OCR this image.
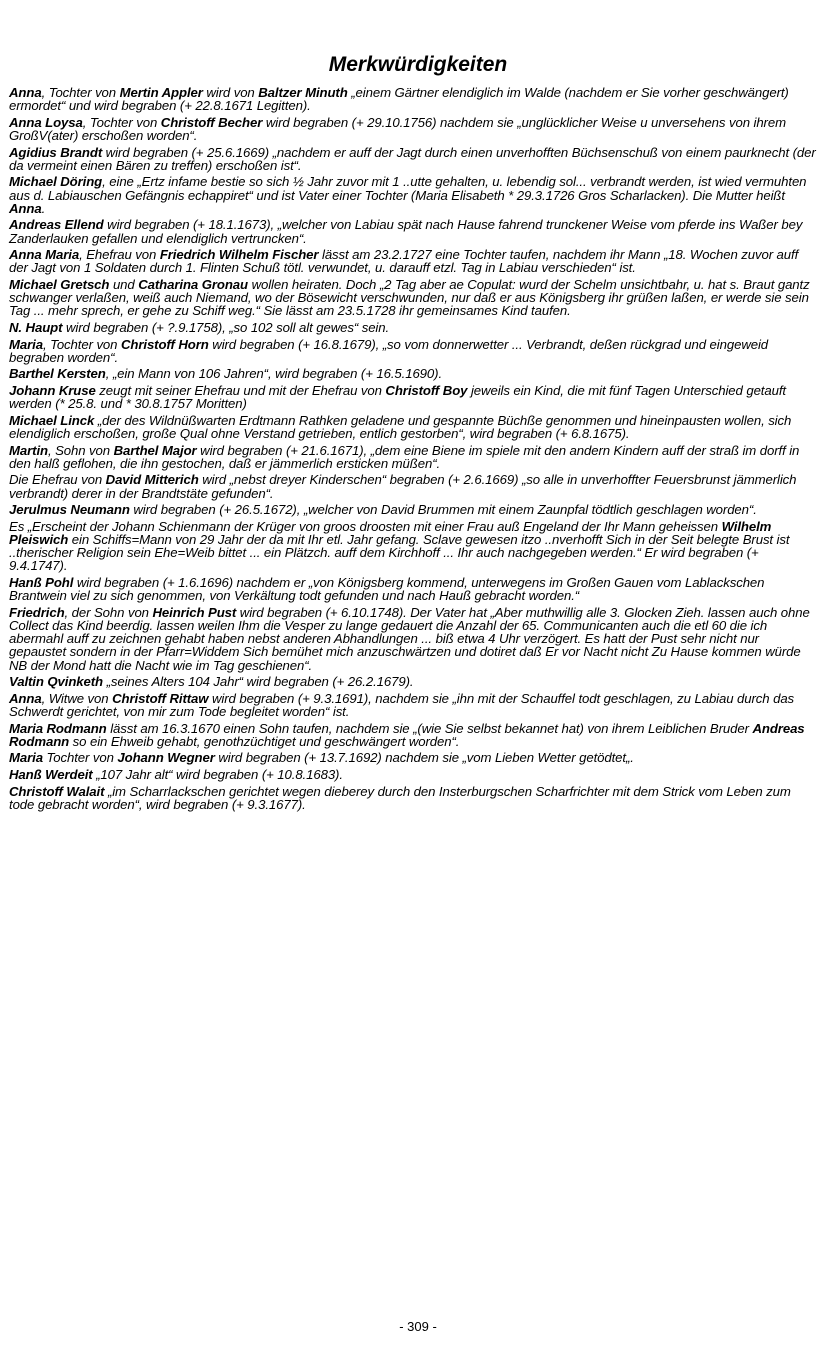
Merkwürdigkeiten

Anna, Tochter von Mertin Appler wird von Baltzer Minuth „einem Gärtner elendiglich im Walde (nachdem er Sie vorher geschwängert) ermordet“ und wird begraben (+ 22.8.1671 Legitten).

Anna Loysa, Tochter von Christoff Becher wird begraben (+ 29.10.1756) nachdem sie „unglücklicher Weise u unversehens von ihrem GroßV(ater) erschoßen worden“.

Agidius Brandt wird begraben (+ 25.6.1669) „nachdem er auff der Jagt durch einen unverhofften Büchsenschuß von einem paurknecht (der da vermeint einen Bären zu treffen) erschoßen ist“.

Michael Döring, eine „Ertz infame bestie so sich ½ Jahr zuvor mit 1 ..utte gehalten, u. lebendig sol... verbrandt werden, ist wied vermuhten aus d. Labiauschen Gefängnis echappiret“ und ist Vater einer Tochter (Maria Elisabeth * 29.3.1726 Gros Scharlacken). Die Mutter heißt Anna.

Andreas Ellend wird begraben (+ 18.1.1673), „welcher von Labiau spät nach Hause fahrend trunckener Weise vom pferde ins Waßer bey Zanderlauken gefallen und elendiglich vertruncken“.

Anna Maria, Ehefrau von Friedrich Wilhelm Fischer lässt am 23.2.1727 eine Tochter taufen, nachdem ihr Mann „18. Wochen zuvor auff der Jagt von 1 Soldaten durch 1. Flinten Schuß tötl. verwundet, u. darauff etzl. Tag in Labiau verschieden“ ist.

Michael Gretsch und Catharina Gronau wollen heiraten. Doch „2 Tag aber ae Copulat: wurd der Schelm unsichtbahr, u. hat s. Braut gantz schwanger verlaßen, weiß auch Niemand, wo der Bösewicht verschwunden, nur daß er aus Königsberg ihr grüßen laßen, er werde sie sein Tag ... mehr sprech, er gehe zu Schiff weg.“ Sie lässt am 23.5.1728 ihr gemeinsames Kind taufen.

N. Haupt wird begraben (+ ?.9.1758), „so 102 soll alt gewes“ sein.

Maria, Tochter von Christoff Horn wird begraben (+ 16.8.1679), „so vom donnerwetter ... Verbrandt, deßen rückgrad und eingeweid begraben worden“.

Barthel Kersten, „ein Mann von 106 Jahren“, wird begraben (+ 16.5.1690).

Johann Kruse zeugt mit seiner Ehefrau und mit der Ehefrau von Christoff Boy jeweils ein Kind, die mit fünf Tagen Unterschied getauft werden (* 25.8. und * 30.8.1757 Moritten)

Michael Linck „der des Wildnüßwarten Erdtmann Rathken geladene und gespannte Büchße genommen und hineinpausten wollen, sich elendiglich erschoßen, große Qual ohne Verstand getrieben, entlich gestorben“, wird begraben (+ 6.8.1675).

Martin, Sohn von Barthel Major wird begraben (+ 21.6.1671), „dem eine Biene im spiele mit den andern Kindern auff der straß im dorff in den halß geflohen, die ihn gestochen, daß er jämmerlich ersticken müßen“.

Die Ehefrau von David Mitterich wird „nebst dreyer Kinderschen“ begraben (+ 2.6.1669) „so alle in unverhoffter Feuersbrunst jämmerlich verbrandt) derer in der Brandtstäte gefunden“.

Jerulmus Neumann wird begraben (+ 26.5.1672), „welcher von David Brummen mit einem Zaunpfal tödtlich geschlagen worden“.

Es „Erscheint der Johann Schienmann der Krüger von groos droosten mit einer Frau auß Engeland der Ihr Mann geheissen Wilhelm Pleiswich ein Schiffs=Mann von 29 Jahr der da mit Ihr etl. Jahr gefang. Sclave gewesen itzo ..nverhofft Sich in der Seit belegte Brust ist ..therischer Religion sein Ehe=Weib bittet ... ein Plätzch. auff dem Kirchhoff ... Ihr auch nachgegeben werden.“ Er wird begraben (+ 9.4.1747).

Hanß Pohl wird begraben (+ 1.6.1696) nachdem er „von Königsberg kommend, unterwegens im Großen Gauen vom Lablackschen Brantwein viel zu sich genommen, von Verkältung todt gefunden und nach Hauß gebracht worden.“

Friedrich, der Sohn von Heinrich Pust wird begraben (+ 6.10.1748). Der Vater hat „Aber muthwillig alle 3. Glocken Zieh. lassen auch ohne Collect das Kind beerdig. lassen weilen Ihm die Vesper zu lange gedauert die Anzahl der 65. Communicanten auch die etl 60 die ich abermahl auff zu zeichnen gehabt haben nebst anderen Abhandlungen ... biß etwa 4 Uhr verzögert. Es hatt der Pust sehr nicht nur gepaustet sondern in der Pfarr=Widdem Sich bemühet mich anzuschwärtzen und dotiret daß Er vor Nacht nicht Zu Hause kommen würde NB der Mond hatt die Nacht wie im Tag geschienen“.

Valtin Qvinketh „seines Alters 104 Jahr“ wird begraben (+ 26.2.1679).

Anna, Witwe von Christoff Rittaw wird begraben (+ 9.3.1691), nachdem sie „ihn mit der Schauffel todt geschlagen, zu Labiau durch das Schwerdt gerichtet, von mir zum Tode begleitet worden“ ist.

Maria Rodmann lässt am 16.3.1670 einen Sohn taufen, nachdem sie „(wie Sie selbst bekannet hat) von ihrem Leiblichen Bruder Andreas Rodmann so ein Ehweib gehabt, genothzüchtiget und geschwängert worden“.

Maria Tochter von Johann Wegner wird begraben (+ 13.7.1692) nachdem sie „vom Lieben Wetter getödtet„.

Hanß Werdeit „107 Jahr alt“ wird begraben (+ 10.8.1683).

Christoff Walait „im Scharrlackschen gerichtet wegen dieberey durch den Insterburgschen Scharfrichter mit dem Strick vom Leben zum tode gebracht worden“, wird begraben (+ 9.3.1677).

- 309 -
